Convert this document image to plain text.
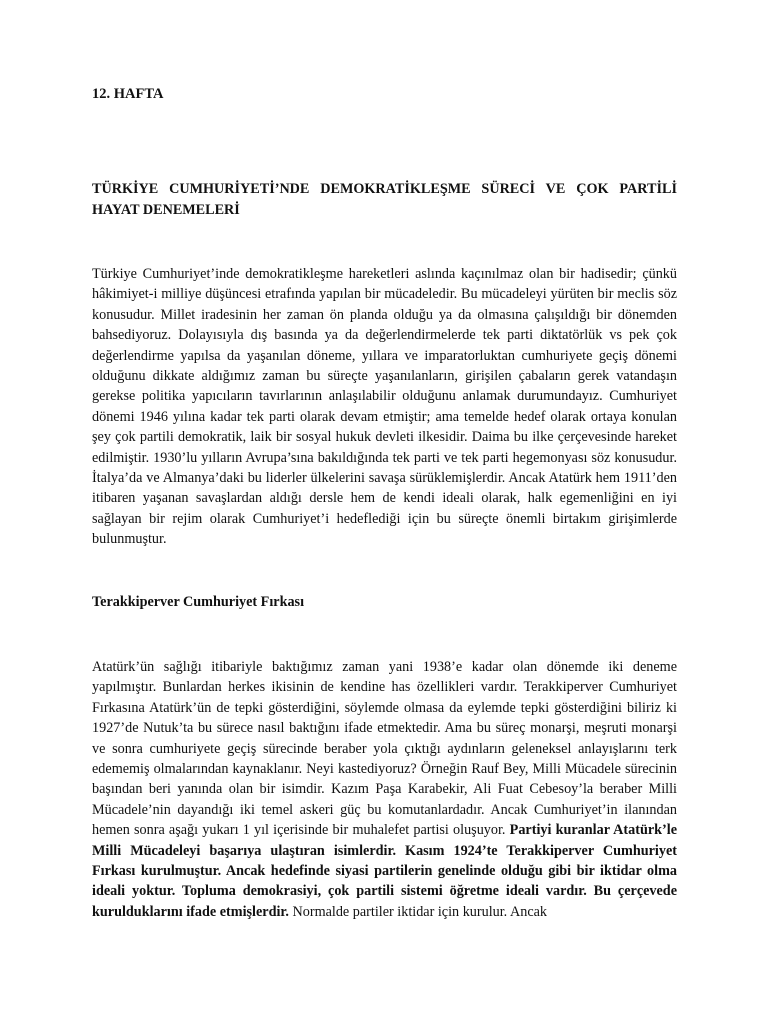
12. HAFTA

TÜRKİYE CUMHURİYETİ’NDE DEMOKRATİKLEŞME SÜRECİ VE ÇOK PARTİLİ HAYAT DENEMELERİ

Türkiye Cumhuriyet’inde demokratikleşme hareketleri aslında kaçınılmaz olan bir hadisedir; çünkü hâkimiyet-i milliye düşüncesi etrafında yapılan bir mücadeledir. Bu mücadeleyi yürüten bir meclis söz konusudur. Millet iradesinin her zaman ön planda olduğu ya da olmasına çalışıldığı bir dönemden bahsediyoruz. Dolayısıyla dış basında ya da değerlendirmelerde tek parti diktatörlük vs pek çok değerlendirme yapılsa da yaşanılan döneme, yıllara ve imparatorluktan cumhuriyete geçiş dönemi olduğunu dikkate aldığımız zaman bu süreçte yaşanılanların, girişilen çabaların gerek vatandaşın gerekse politika yapıcıların tavırlarının anlaşılabilir olduğunu anlamak durumundayız. Cumhuriyet dönemi 1946 yılına kadar tek parti olarak devam etmiştir; ama temelde hedef olarak ortaya konulan şey çok partili demokratik, laik bir sosyal hukuk devleti ilkesidir. Daima bu ilke çerçevesinde hareket edilmiştir. 1930’lu yılların Avrupa’sına bakıldığında tek parti ve tek parti hegemonyası söz konusudur. İtalya’da ve Almanya’daki bu liderler ülkelerini savaşa sürüklemişlerdir. Ancak Atatürk hem 1911’den itibaren yaşanan savaşlardan aldığı dersle hem de kendi ideali olarak, halk egemenliğini en iyi sağlayan bir rejim olarak Cumhuriyet’i hedeflediği için bu süreçte önemli birtakım girişimlerde bulunmuştur.

Terakkiperver Cumhuriyet Fırkası

Atatürk’ün sağlığı itibariyle baktığımız zaman yani 1938’e kadar olan dönemde iki deneme yapılmıştır. Bunlardan herkes ikisinin de kendine has özellikleri vardır. Terakkiperver Cumhuriyet Fırkasına Atatürk’ün de tepki gösterdiğini, söylemde olmasa da eylemde tepki gösterdiğini biliriz ki 1927’de Nutuk’ta bu sürece nasıl baktığını ifade etmektedir. Ama bu süreç monarşi, meşruti monarşi ve sonra cumhuriyete geçiş sürecinde beraber yola çıktığı aydınların geleneksel anlayışlarını terk edememiş olmalarından kaynaklanır. Neyi kastediyoruz? Örneğin Rauf Bey, Milli Mücadele sürecinin başından beri yanında olan bir isimdir. Kazım Paşa Karabekir, Ali Fuat Cebesoy’la beraber Milli Mücadele’nin dayandığı iki temel askeri güç bu komutanlardadır. Ancak Cumhuriyet’in ilanından hemen sonra aşağı yukarı 1 yıl içerisinde bir muhalefet partisi oluşuyor. Partiyi kuranlar Atatürk’le Milli Mücadeleyi başarıya ulaştıran isimlerdir. Kasım 1924’te Terakkiperver Cumhuriyet Fırkası kurulmuştur. Ancak hedefinde siyasi partilerin genelinde olduğu gibi bir iktidar olma ideali yoktur. Topluma demokrasiyi, çok partili sistemi öğretme ideali vardır. Bu çerçevede kurulduklarını ifade etmişlerdir. Normalde partiler iktidar için kurulur. Ancak
